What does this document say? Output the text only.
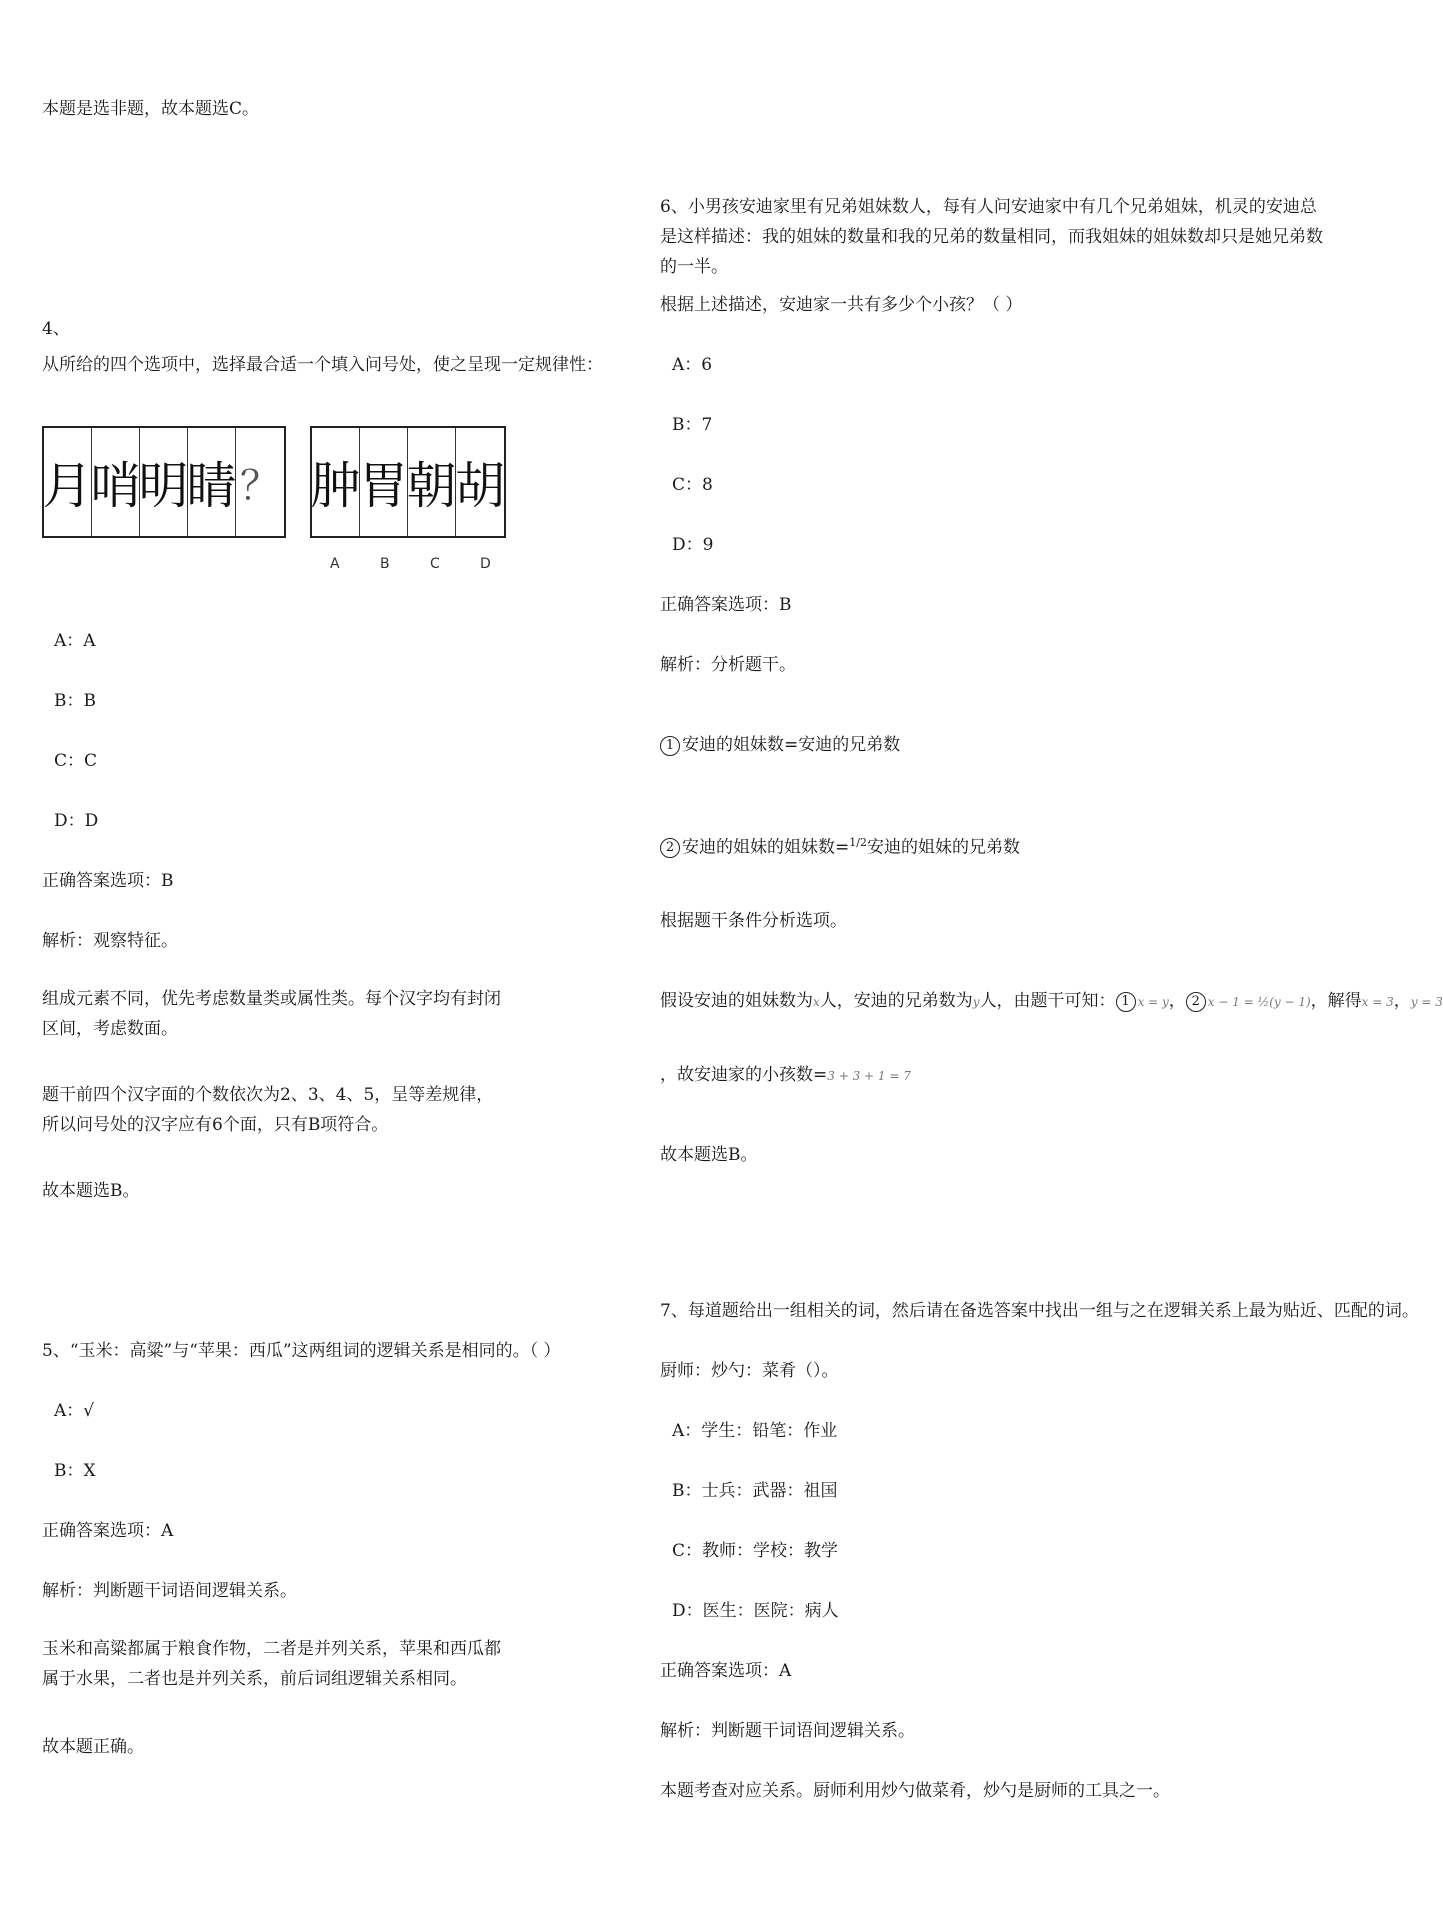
本题是选非题，故本题选C。
4、
从所给的四个选项中，选择最合适一个填入问号处，使之呈现一定规律性：
月
哨
明
睛 ？ 肿
胃
朝
胡
A	B	C	D
A：A
B：B
C：C
D：D
正确答案选项：B
解析：观察特征。
组成元素不同，优先考虑数量类或属性类。每个汉字均有封闭区间，考虑数面。
题干前四个汉字面的个数依次为2、3、4、5，呈等差规律，所以问号处的汉字应有6个面，只有B项符合。
故本题选B。
5、“玉米：高粱”与“苹果：西瓜”这两组词的逻辑关系是相同的。（ ）
A：√
B：X
正确答案选项：A
解析：判断题干词语间逻辑关系。
玉米和高粱都属于粮食作物，二者是并列关系，苹果和西瓜都属于水果，二者也是并列关系，前后词组逻辑关系相同。
故本题正确。
6、小男孩安迪家里有兄弟姐妹数人，每有人问安迪家中有几个兄弟姐妹，机灵的安迪总是这样描述：我的姐妹的数量和我的兄弟的数量相同，而我姐妹的姐妹数却只是她兄弟数的一半。
根据上述描述，安迪家一共有多少个小孩？（ ）
A：6
B：7
C：8
D：9
正确答案选项：B
解析：分析题干。
1 安迪的姐妹数=安迪的兄弟数
2 安迪的姐妹的姐妹数=$^{1/2}$安迪的姐妹的兄弟数
根据题干条件分析选项。
假设安迪的姐妹数为x人，安迪的兄弟数为y人，由题干可知： 1 x = y， 2 x − 1 = ½(y − 1)，解得x = 3，y = 3
，故安迪家的小孩数=3 + 3 + 1 = 7
故本题选B。
7、每道题给出一组相关的词，然后请在备选答案中找出一组与之在逻辑关系上最为贴近、匹配的词。
厨师：炒勺：菜肴（）。
A：学生：铅笔：作业
B：士兵：武器：祖国
C：教师：学校：教学
D：医生：医院：病人
正确答案选项：A
解析：判断题干词语间逻辑关系。
本题考查对应关系。厨师利用炒勺做菜肴，炒勺是厨师的工具之一。
